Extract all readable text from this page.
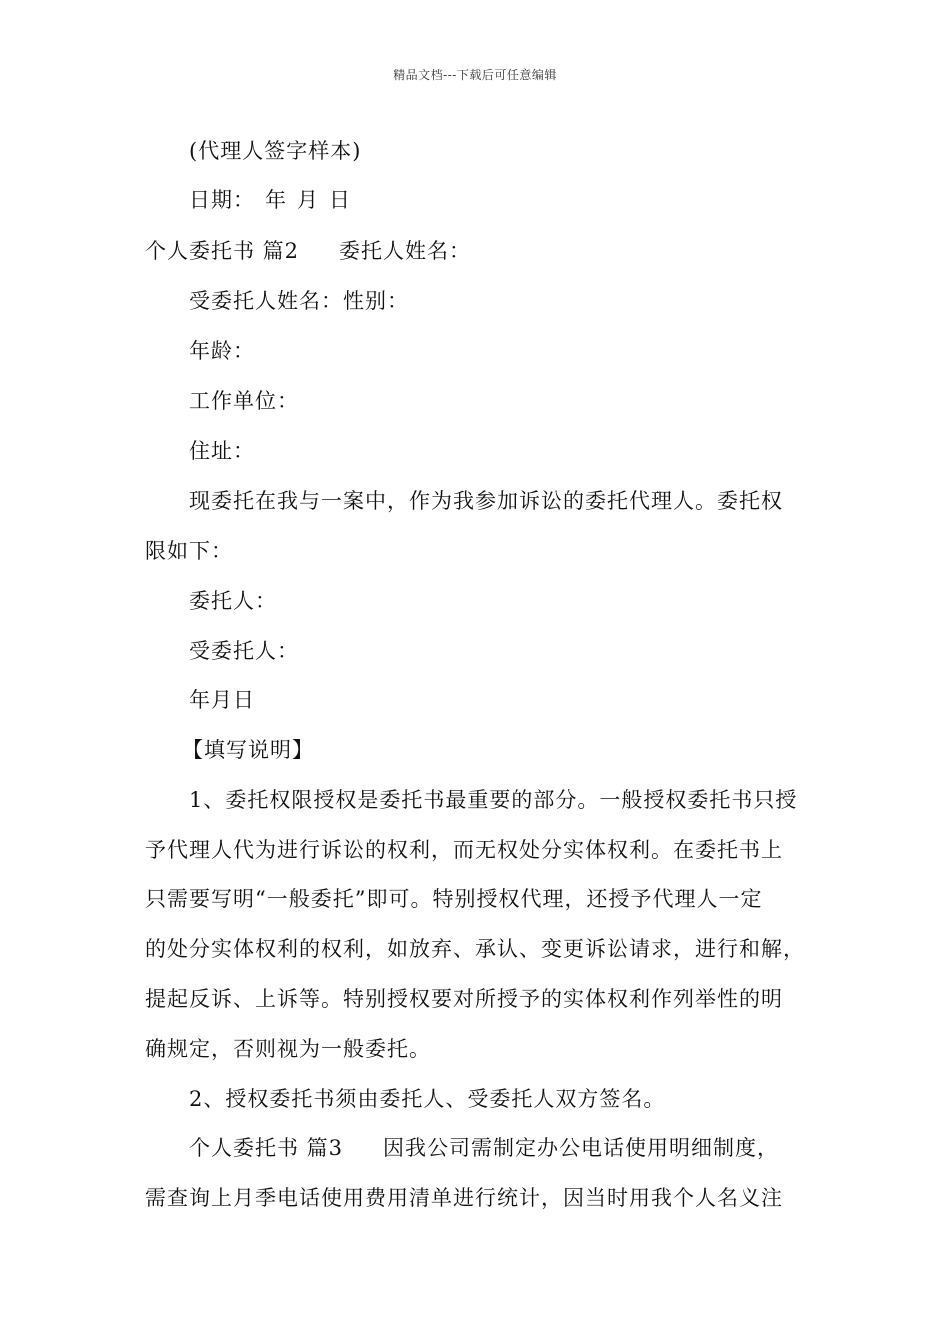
精品文档---下载后可任意编辑
(代理人签字样本)
日期： 年 月 日
个人委托书 篇2 委托人姓名：
受委托人姓名：性别：
年龄：
工作单位：
住址：
现委托在我与一案中，作为我参加诉讼的委托代理人。委托权
限如下：
委托人：
受委托人：
年月日
【填写说明】
1、委托权限授权是委托书最重要的部分。一般授权委托书只授
予代理人代为进行诉讼的权利，而无权处分实体权利。在委托书上
只需要写明“一般委托”即可。特别授权代理，还授予代理人一定
的处分实体权利的权利，如放弃、承认、变更诉讼请求，进行和解，
提起反诉、上诉等。特别授权要对所授予的实体权利作列举性的明
确规定，否则视为一般委托。
2、授权委托书须由委托人、受委托人双方签名。
个人委托书 篇3 因我公司需制定办公电话使用明细制度，
需查询上月季电话使用费用清单进行统计，因当时用我个人名义注
